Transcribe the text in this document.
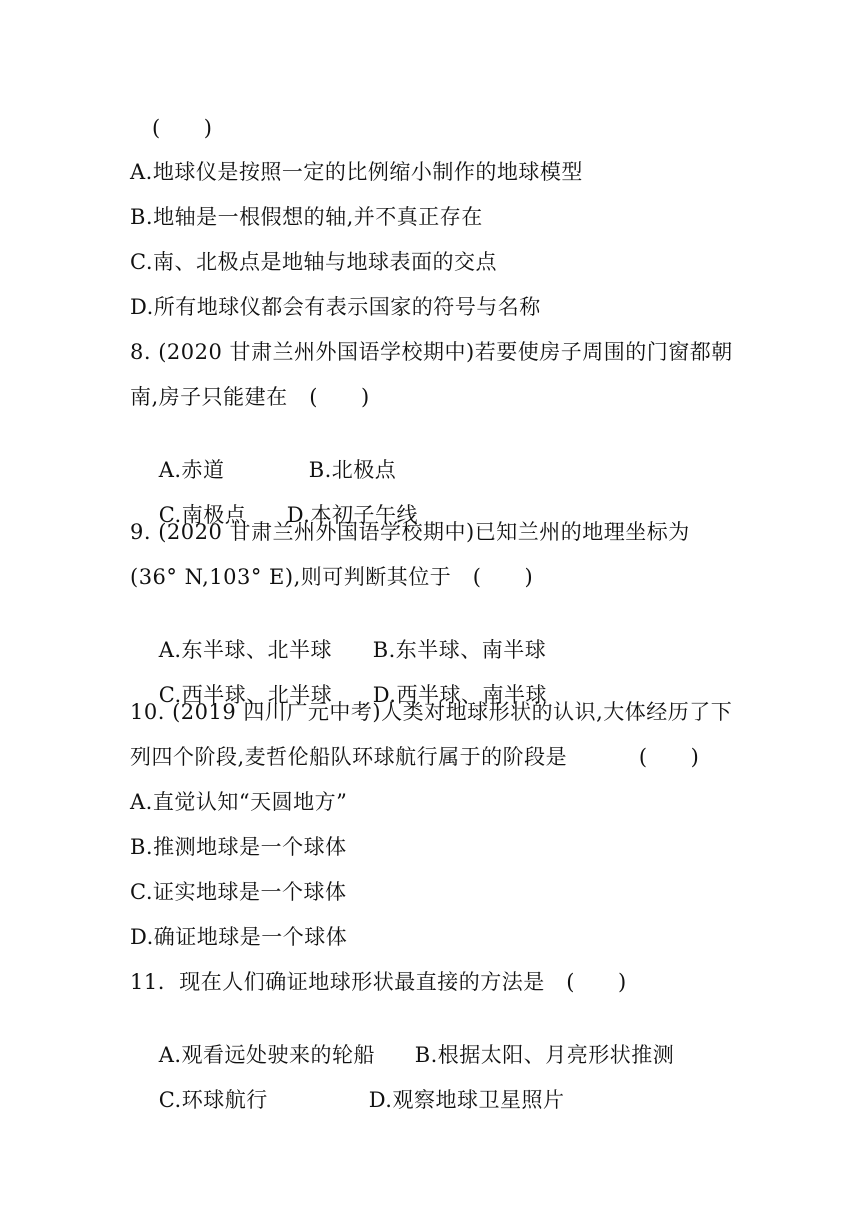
(      )
A.地球仪是按照一定的比例缩小制作的地球模型
B.地轴是一根假想的轴,并不真正存在
C.南、北极点是地轴与地球表面的交点
D.所有地球仪都会有表示国家的符号与名称
8. (2020 甘肃兰州外国语学校期中)若要使房子周围的门窗都朝
南,房子只能建在   (      )

A.赤道	B.北极点

C.南极点 D.本初子午线

9. (2020 甘肃兰州外国语学校期中)已知兰州的地理坐标为
(36° N,103° E),则可判断其位于   (      )

A.东半球、北半球 B.东半球、南半球

C.西半球、北半球 D.西半球、南半球

10. (2019 四川广元中考)人类对地球形状的认识,大体经历了下
列四个阶段,麦哲伦船队环球航行属于的阶段是          (      )
A.直觉认知“天圆地方”
B.推测地球是一个球体
C.证实地球是一个球体
D.确证地球是一个球体
11.  现在人们确证地球形状最直接的方法是   (      )

A.观看远处驶来的轮船 B.根据太阳、月亮形状推测

C.环球航行	D.观察地球卫星照片
